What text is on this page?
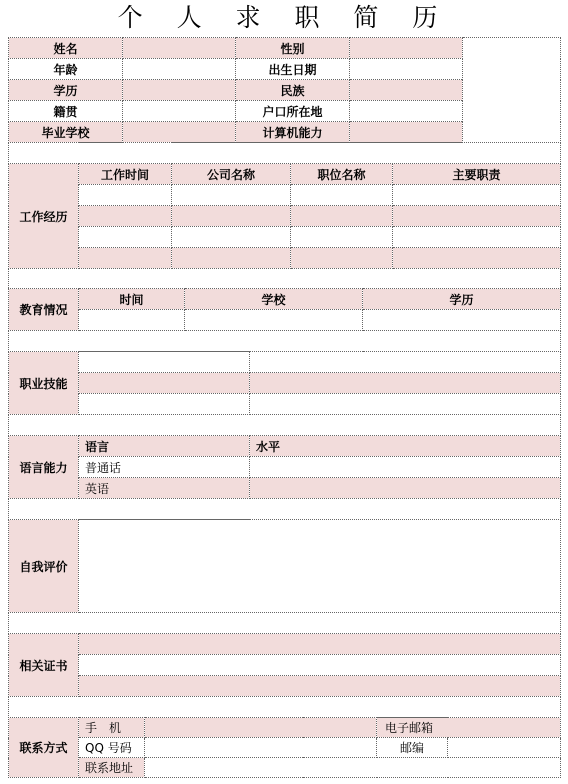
个 人 求 职 简 历
姓名		性别		
年龄		出生日期		
学历		民族		
籍贯		户口所在地		
毕业学校		计算机能力		

工作经历	工作时间	公司名称	职位名称	主要职责

教育情况	时间	学校	学历

职业技能		

语言能力	语言	水平
	普通话	
	英语	

自我评价	

相关证书	

联系方式	手　机		电子邮箱	
	QQ 号码		邮编	
	联系地址			
